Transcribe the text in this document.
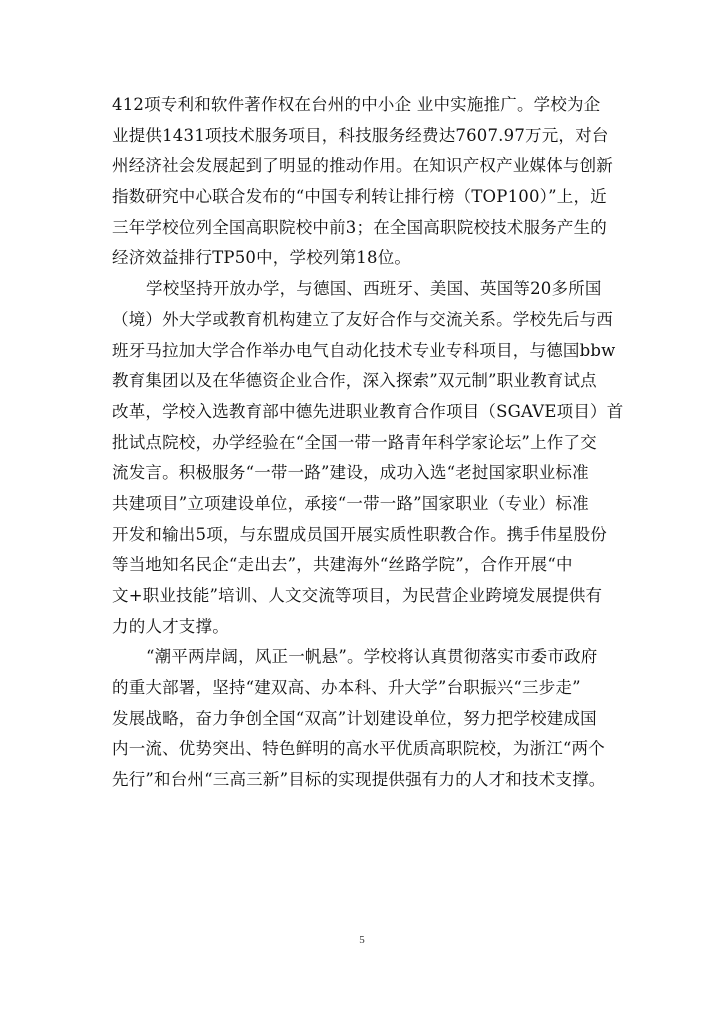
412项专利和软件著作权在台州的中小企 业中实施推广。学校为企
业提供1431项技术服务项目，科技服务经费达7607.97万元，对台
州经济社会发展起到了明显的推动作用。在知识产权产业媒体与创新
指数研究中心联合发布的“中国专利转让排行榜（TOP100）”上，近
三年学校位列全国高职院校中前3；在全国高职院校技术服务产生的
经济效益排行TP50中，学校列第18位。
学校坚持开放办学，与德国、西班牙、美国、英国等20多所国
（境）外大学或教育机构建立了友好合作与交流关系。学校先后与西
班牙马拉加大学合作举办电气自动化技术专业专科项目，与德国bbw
教育集团以及在华德资企业合作，深入探索”双元制”职业教育试点
改革，学校入选教育部中德先进职业教育合作项目（SGAVE项目）首
批试点院校，办学经验在“全国一带一路青年科学家论坛”上作了交
流发言。积极服务“一带一路”建设，成功入选“老挝国家职业标准
共建项目”立项建设单位，承接“一带一路”国家职业（专业）标准
开发和输出5项，与东盟成员国开展实质性职教合作。携手伟星股份
等当地知名民企“走出去”，共建海外“丝路学院”，合作开展“中
文+职业技能”培训、人文交流等项目，为民营企业跨境发展提供有
力的人才支撑。
“潮平两岸阔，风正一帆悬”。学校将认真贯彻落实市委市政府
的重大部署，坚持“建双高、办本科、升大学”台职振兴“三步走”
发展战略，奋力争创全国“双高”计划建设单位，努力把学校建成国
内一流、优势突出、特色鲜明的高水平优质高职院校，为浙江“两个
先行”和台州“三高三新”目标的实现提供强有力的人才和技术支撑。
5
